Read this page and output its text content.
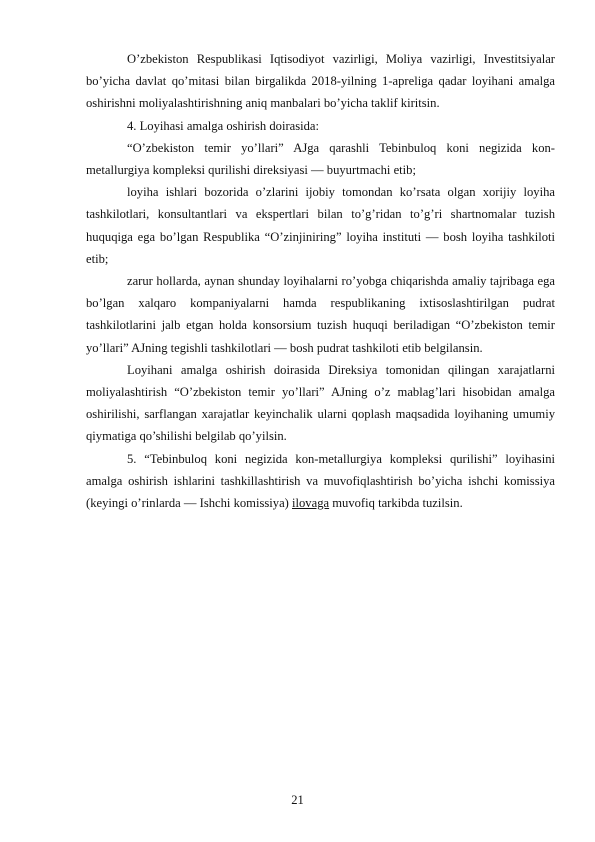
O’zbekiston Respublikasi Iqtisodiyot vazirligi, Moliya vazirligi, Investitsiyalar bo’yicha davlat qo’mitasi bilan birgalikda 2018-yilning 1-apreliga qadar loyihani amalga oshirishni moliyalashtirishning aniq manbalari bo’yicha taklif kiritsin.

4. Loyihasi amalga oshirish doirasida:

“O’zbekiston temir yo’llari” AJga qarashli Tebinbuloq koni negizida kon-metallurgiya kompleksi qurilishi direksiyasi — buyurtmachi etib;

loyiha ishlari bozorida o’zlarini ijobiy tomondan ko’rsata olgan xorijiy loyiha tashkilotlari, konsultantlari va ekspertlari bilan to’g’ridan to’g’ri shartnomalar tuzish huquqiga ega bo’lgan Respublika “O’zinjiniring” loyiha instituti — bosh loyiha tashkiloti etib;

zarur hollarda, aynan shunday loyihalarni ro’yobga chiqarishda amaliy tajribaga ega bo’lgan xalqaro kompaniyalarni hamda respublikaning ixtisoslashtirilgan pudrat tashkilotlarini jalb etgan holda konsorsium tuzish huquqi beriladigan “O’zbekiston temir yo’llari” AJning tegishli tashkilotlari — bosh pudrat tashkiloti etib belgilansin.

Loyihani amalga oshirish doirasida Direksiya tomonidan qilingan xarajatlarni moliyalashtirish “O’zbekiston temir yo’llari” AJning o’z mablag’lari hisobidan amalga oshirilishi, sarflangan xarajatlar keyinchalik ularni qoplash maqsadida loyihaning umumiy qiymatiga qo’shilishi belgilab qo’yilsin.

5. “Tebinbuloq koni negizida kon-metallurgiya kompleksi qurilishi” loyihasini amalga oshirish ishlarini tashkillashtirish va muvofiqlashtirish bo’yicha ishchi komissiya (keyingi o’rinlarda — Ishchi komissiya) ilovaga muvofiq tarkibda tuzilsin.

21
